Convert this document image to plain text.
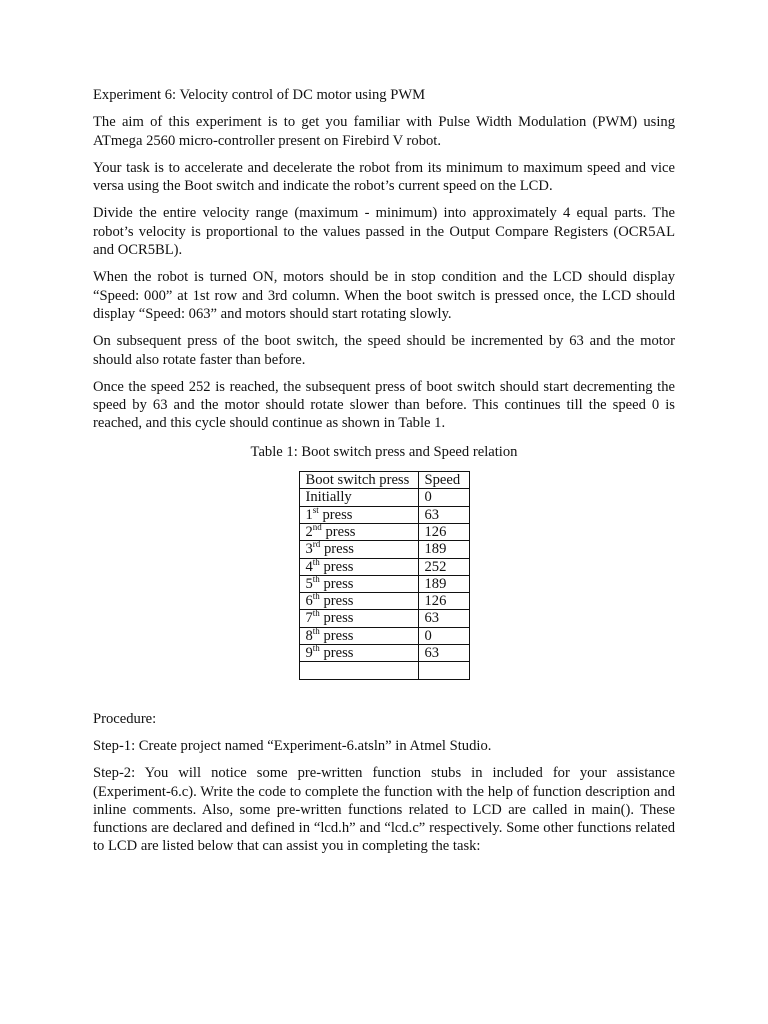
Experiment 6: Velocity control of DC motor using PWM

The aim of this experiment is to get you familiar with Pulse Width Modulation (PWM) using ATmega 2560 micro-controller present on Firebird V robot.

Your task is to accelerate and decelerate the robot from its minimum to maximum speed and vice versa using the Boot switch and indicate the robot’s current speed on the LCD.

Divide the entire velocity range (maximum - minimum) into approximately 4 equal parts. The robot’s velocity is proportional to the values passed in the Output Compare Registers (OCR5AL and OCR5BL).

When the robot is turned ON, motors should be in stop condition and the LCD should display “Speed: 000” at 1st row and 3rd column. When the boot switch is pressed once, the LCD should display “Speed: 063” and motors should start rotating slowly.

On subsequent press of the boot switch, the speed should be incremented by 63 and the motor should also rotate faster than before.

Once the speed 252 is reached, the subsequent press of boot switch should start decrementing the speed by 63 and the motor should rotate slower than before. This continues till the speed 0 is reached, and this cycle should continue as shown in Table 1.

Table 1: Boot switch press and Speed relation

Boot switch press	Speed
Initially	0
1st press	63
2nd press	126
3rd press	189
4th press	252
5th press	189
6th press	126
7th press	63
8th press	0
9th press	63

Procedure:

Step-1: Create project named “Experiment-6.atsln” in Atmel Studio.

Step-2: You will notice some pre-written function stubs in included for your assistance (Experiment-6.c). Write the code to complete the function with the help of function description and inline comments. Also, some pre-written functions related to LCD are called in main(). These functions are declared and defined in “lcd.h” and “lcd.c” respectively. Some other functions related to LCD are listed below that can assist you in completing the task:
